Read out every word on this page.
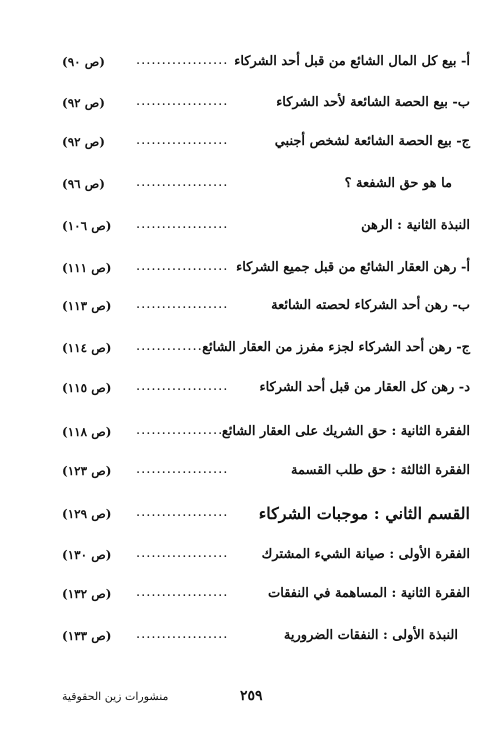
أ- بيع كل المال الشائع من قبل أحد الشركاء
..................
(ص ٩٠)
ب- بيع الحصة الشائعة لأحد الشركاء
..................
(ص ٩٢)
ج- بيع الحصة الشائعة لشخص أجنبي
..................
(ص ٩٢)
ما هو حق الشفعة ؟
..................
(ص ٩٦)
النبذة الثانية : الرهن
..................
(ص ١٠٦)
أ- رهن العقار الشائع من قبل جميع الشركاء
..................
(ص ١١١)
ب- رهن أحد الشركاء لحصته الشائعة
..................
(ص ١١٣)
ج- رهن أحد الشركاء لجزء مفرز من العقار الشائع
..............
(ص ١١٤)
د- رهن كل العقار من قبل أحد الشركاء
..................
(ص ١١٥)
الفقرة الثانية : حق الشريك على العقار الشائع
..................
(ص ١١٨)
الفقرة الثالثة : حق طلب القسمة
..................
(ص ١٢٣)
القسم الثاني : موجبات الشركاء
..................
(ص ١٢٩)
الفقرة الأولى : صيانة الشيء المشترك
..................
(ص ١٣٠)
الفقرة الثانية : المساهمة في النفقات
..................
(ص ١٣٢)
النبذة الأولى : النفقات الضرورية
..................
(ص ١٣٣)
٢٥٩
منشورات زين الحقوقية
